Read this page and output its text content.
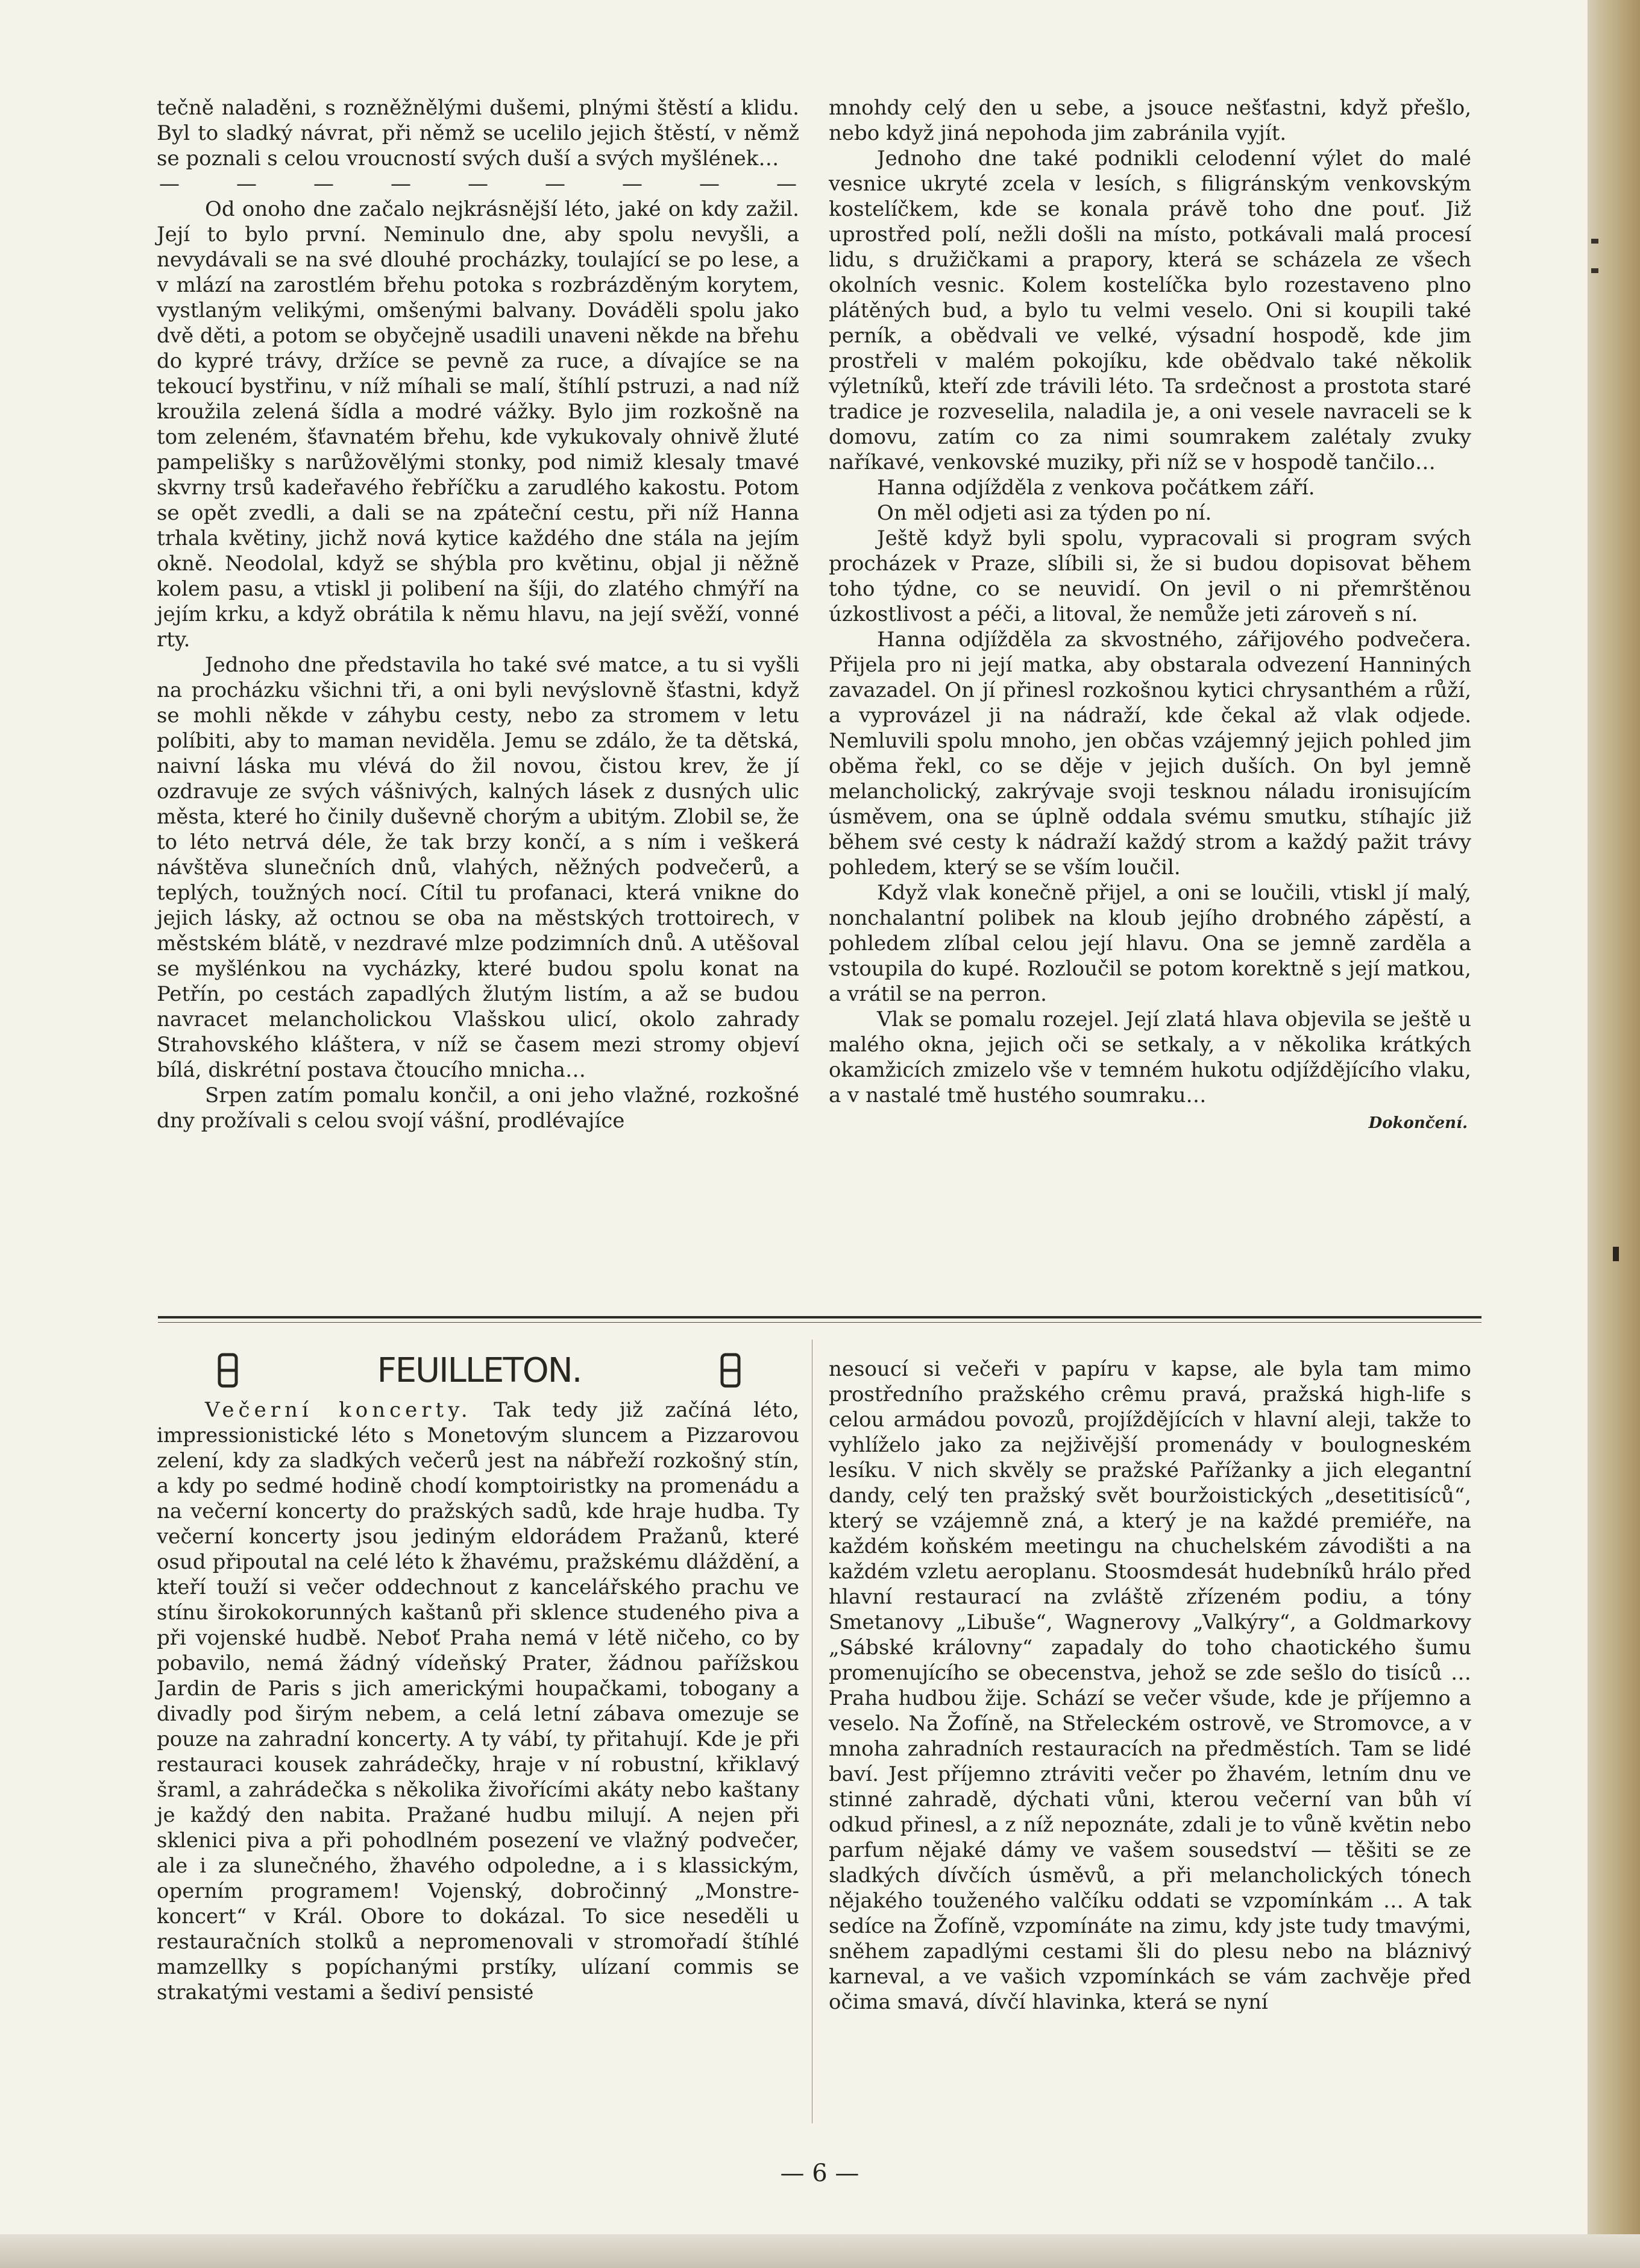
tečně naladěni, s rozněžnělými dušemi, plnými štěstí a klidu. Byl to sladký návrat, při němž se ucelilo jejich štěstí, v němž se poznali s celou vroucností svých duší a svých myšlének…

—	—	—	—	—	—	—	—	—

Od onoho dne začalo nejkrásnější léto, jaké on kdy zažil. Její to bylo první. Neminulo dne, aby spolu nevyšli, a nevydávali se na své dlouhé procházky, toulající se po lese, a v mlází na zarostlém břehu potoka s rozbrázděným korytem, vystlaným velikými, omšenými balvany. Dováděli spolu jako dvě děti, a potom se obyčejně usadili unaveni někde na břehu do kypré trávy, držíce se pevně za ruce, a dívajíce se na tekoucí bystřinu, v níž míhali se malí, štíhlí pstruzi, a nad níž kroužila zelená šídla a modré vážky. Bylo jim rozkošně na tom zeleném, šťavnatém břehu, kde vykukovaly ohnivě žluté pampelišky s narůžovělými stonky, pod nimiž klesaly tmavé skvrny trsů kadeřavého řebříčku a zarudlého kakostu. Potom se opět zvedli, a dali se na zpáteční cestu, při níž Hanna trhala květiny, jichž nová kytice každého dne stála na jejím okně. Neodolal, když se shýbla pro květinu, objal ji něžně kolem pasu, a vtiskl ji polibení na šíji, do zlatého chmýří na jejím krku, a když obrátila k němu hlavu, na její svěží, vonné rty.

Jednoho dne představila ho také své matce, a tu si vyšli na procházku všichni tři, a oni byli nevýslovně šťastni, když se mohli někde v záhybu cesty, nebo za stromem v letu políbiti, aby to maman neviděla. Jemu se zdálo, že ta dětská, naivní láska mu vlévá do žil novou, čistou krev, že jí ozdravuje ze svých vášnivých, kalných lásek z dusných ulic města, které ho činily duševně chorým a ubitým. Zlobil se, že to léto netrvá déle, že tak brzy končí, a s ním i veškerá návštěva slunečních dnů, vlahých, něžných podvečerů, a teplých, toužných nocí. Cítil tu profanaci, která vnikne do jejich lásky, až octnou se oba na městských trottoirech, v městském blátě, v nezdravé mlze podzimních dnů. A utěšoval se myšlénkou na vycházky, které budou spolu konat na Petřín, po cestách zapadlých žlutým listím, a až se budou navracet melancholickou Vlašskou ulicí, okolo zahrady Strahovského kláštera, v níž se časem mezi stromy objeví bílá, diskrétní postava čtoucího mnicha…

Srpen zatím pomalu končil, a oni jeho vlažné, rozkošné dny prožívali s celou svojí vášní, prodlévajíce

mnohdy celý den u sebe, a jsouce nešťastni, když přešlo, nebo když jiná nepohoda jim zabránila vyjít.

Jednoho dne také podnikli celodenní výlet do malé vesnice ukryté zcela v lesích, s filigránským venkovským kostelíčkem, kde se konala právě toho dne pouť. Již uprostřed polí, nežli došli na místo, potkávali malá procesí lidu, s družičkami a prapory, která se scházela ze všech okolních vesnic. Kolem kostelíčka bylo rozestaveno plno plátěných bud, a bylo tu velmi veselo. Oni si koupili také perník, a obědvali ve velké, výsadní hospodě, kde jim prostřeli v malém pokojíku, kde obědvalo také několik výletníků, kteří zde trávili léto. Ta srdečnost a prostota staré tradice je rozveselila, naladila je, a oni vesele navraceli se k domovu, zatím co za nimi soumrakem zalétaly zvuky naříkavé, venkovské muziky, při níž se v hospodě tančilo…

Hanna odjížděla z venkova počátkem září.

On měl odjeti asi za týden po ní.

Ještě když byli spolu, vypracovali si program svých procházek v Praze, slíbili si, že si budou dopisovat během toho týdne, co se neuvidí. On jevil o ni přemrštěnou úzkostlivost a péči, a litoval, že nemůže jeti zároveň s ní.

Hanna odjížděla za skvostného, zářijového podvečera. Přijela pro ni její matka, aby obstarala odvezení Hanniných zavazadel. On jí přinesl rozkošnou kytici chrysanthém a růží, a vyprovázel ji na nádraží, kde čekal až vlak odjede. Nemluvili spolu mnoho, jen občas vzájemný jejich pohled jim oběma řekl, co se děje v jejich duších. On byl jemně melancholický, zakrývaje svoji tesknou náladu ironisujícím úsměvem, ona se úplně oddala svému smutku, stíhajíc již během své cesty k nádraží každý strom a každý pažit trávy pohledem, který se se vším loučil.

Když vlak konečně přijel, a oni se loučili, vtiskl jí malý, nonchalantní polibek na kloub jejího drobného zápěstí, a pohledem zlíbal celou její hlavu. Ona se jemně zarděla a vstoupila do kupé. Rozloučil se potom korektně s její matkou, a vrátil se na perron.

Vlak se pomalu rozejel. Její zlatá hlava objevila se ještě u malého okna, jejich oči se setkaly, a v několika krátkých okamžicích zmizelo vše v temném hukotu odjíždějícího vlaku, a v nastalé tmě hustého soumraku…

Dokončení.
FEUILLETON.

Večerní koncerty. Tak tedy již začíná léto, impressionistické léto s Monetovým sluncem a Pizzarovou zelení, kdy za sladkých večerů jest na nábřeží rozkošný stín, a kdy po sedmé hodině chodí komptoiristky na promenádu a na večerní koncerty do pražských sadů, kde hraje hudba. Ty večerní koncerty jsou jediným eldorádem Pražanů, které osud připoutal na celé léto k žhavému, pražskému dláždění, a kteří touží si večer oddechnout z kancelářského prachu ve stínu širokokorunných kaštanů při sklence studeného piva a při vojenské hudbě. Neboť Praha nemá v létě ničeho, co by pobavilo, nemá žádný vídeňský Prater, žádnou pařížskou Jardin de Paris s jich americkými houpačkami, tobogany a divadly pod širým nebem, a celá letní zábava omezuje se pouze na zahradní koncerty. A ty vábí, ty přitahují. Kde je při restauraci kousek zahrádečky, hraje v ní robustní, křiklavý šraml, a zahrádečka s několika živořícími akáty nebo kaštany je každý den nabita. Pražané hudbu milují. A nejen při sklenici piva a při pohodlném posezení ve vlažný podvečer, ale i za slunečného, žhavého odpoledne, a i s klassickým, operním programem! Vojenský, dobročinný „Monstre-koncert“ v Král. Obore to dokázal. To sice neseděli u restauračních stolků a nepromenovali v stromořadí štíhlé mamzellky s popíchanými prstíky, ulízaní commis se strakatými vestami a šediví pensisté

nesoucí si večeři v papíru v kapse, ale byla tam mimo prostředního pražského crêmu pravá, pražská high-life s celou armádou povozů, projíždějících v hlavní aleji, takže to vyhlíželo jako za nejživější promenády v boulogneském lesíku. V nich skvěly se pražské Pařížanky a jich elegantní dandy, celý ten pražský svět bouržoistických „desetitisíců“, který se vzájemně zná, a který je na každé premiéře, na každém koňském meetingu na chuchelském závodišti a na každém vzletu aeroplanu. Stoosmdesát hudebníků hrálo před hlavní restaurací na zvláště zřízeném podiu, a tóny Smetanovy „Libuše“, Wagnerovy „Valkýry“, a Goldmarkovy „Sábské královny“ zapadaly do toho chaotického šumu promenujícího se obecenstva, jehož se zde sešlo do tisíců … Praha hudbou žije. Schází se večer všude, kde je příjemno a veselo. Na Žofíně, na Střeleckém ostrově, ve Stromovce, a v mnoha zahradních restauracích na předměstích. Tam se lidé baví. Jest příjemno ztráviti večer po žhavém, letním dnu ve stinné zahradě, dýchati vůni, kterou večerní van bůh ví odkud přinesl, a z níž nepoznáte, zdali je to vůně květin nebo parfum nějaké dámy ve vašem sousedství — těšiti se ze sladkých dívčích úsměvů, a při melancholických tónech nějakého touženého valčíku oddati se vzpomínkám … A tak sedíce na Žofíně, vzpomínáte na zimu, kdy jste tudy tmavými, sněhem zapadlými cestami šli do plesu nebo na bláznivý karneval, a ve vašich vzpomínkách se vám zachvěje před očima smavá, dívčí hlavinka, která se nyní

— 6 —
